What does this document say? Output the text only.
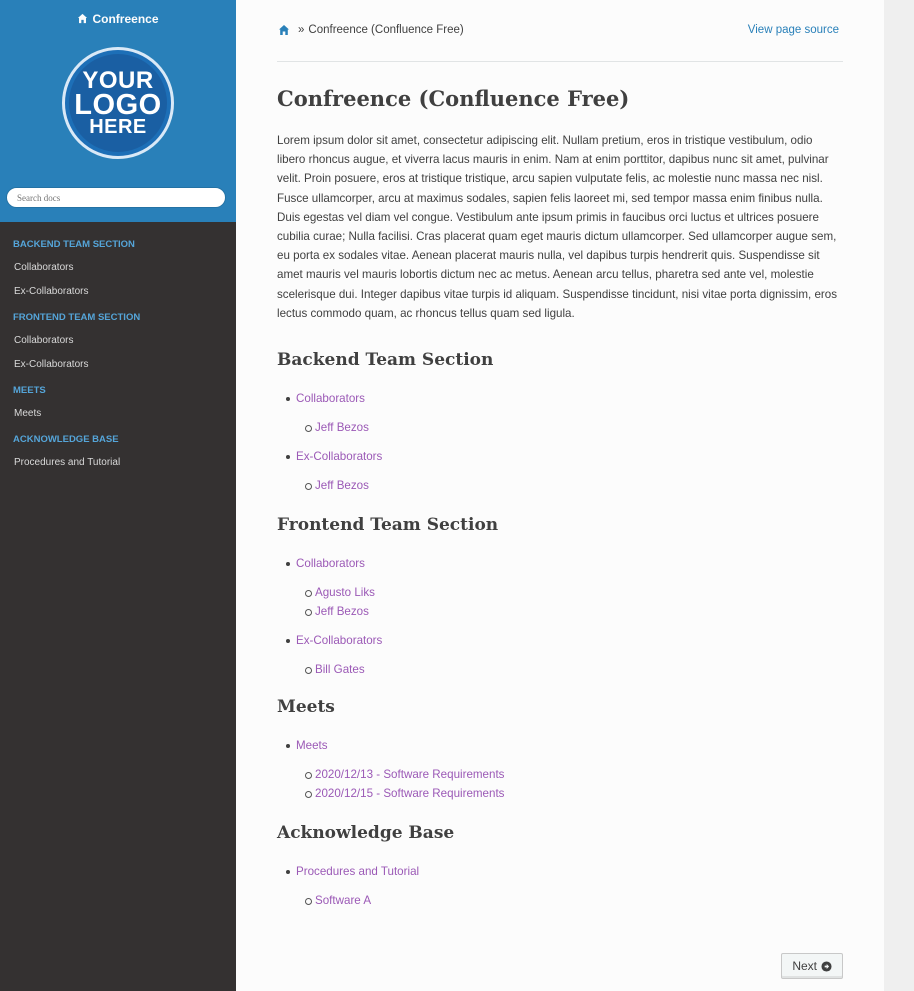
Confreence
YOUR
LOGO
HERE
Search docs
BACKEND TEAM SECTION
Collaborators
Ex-Collaborators
FRONTEND TEAM SECTION
Collaborators
Ex-Collaborators
MEETS
Meets
ACKNOWLEDGE BASE
Procedures and Tutorial
» Confreence (Confluence Free)	View page source
Confreence (Confluence Free)

Lorem ipsum dolor sit amet, consectetur adipiscing elit. Nullam pretium, eros in tristique vestibulum, odio libero rhoncus augue, et viverra lacus mauris in enim. Nam at enim porttitor, dapibus nunc sit amet, pulvinar velit. Proin posuere, eros at tristique tristique, arcu sapien vulputate felis, ac molestie nunc massa nec nisl. Fusce ullamcorper, arcu at maximus sodales, sapien felis laoreet mi, sed tempor massa enim finibus nulla. Duis egestas vel diam vel congue. Vestibulum ante ipsum primis in faucibus orci luctus et ultrices posuere cubilia curae; Nulla facilisi. Cras placerat quam eget mauris dictum ullamcorper. Sed ullamcorper augue sem, eu porta ex sodales vitae. Aenean placerat mauris nulla, vel dapibus turpis hendrerit quis. Suspendisse sit amet mauris vel mauris lobortis dictum nec ac metus. Aenean arcu tellus, pharetra sed ante vel, molestie scelerisque dui. Integer dapibus vitae turpis id aliquam. Suspendisse tincidunt, nisi vitae porta dignissim, eros lectus commodo quam, ac rhoncus tellus quam sed ligula.

Backend Team Section
Collaborators
Jeff Bezos
Ex-Collaborators
Jeff Bezos
Frontend Team Section
Collaborators
Agusto Liks
Jeff Bezos
Ex-Collaborators
Bill Gates
Meets
Meets
2020/12/13 - Software Requirements
2020/12/15 - Software Requirements
Acknowledge Base
Procedures and Tutorial
Software A
Next
